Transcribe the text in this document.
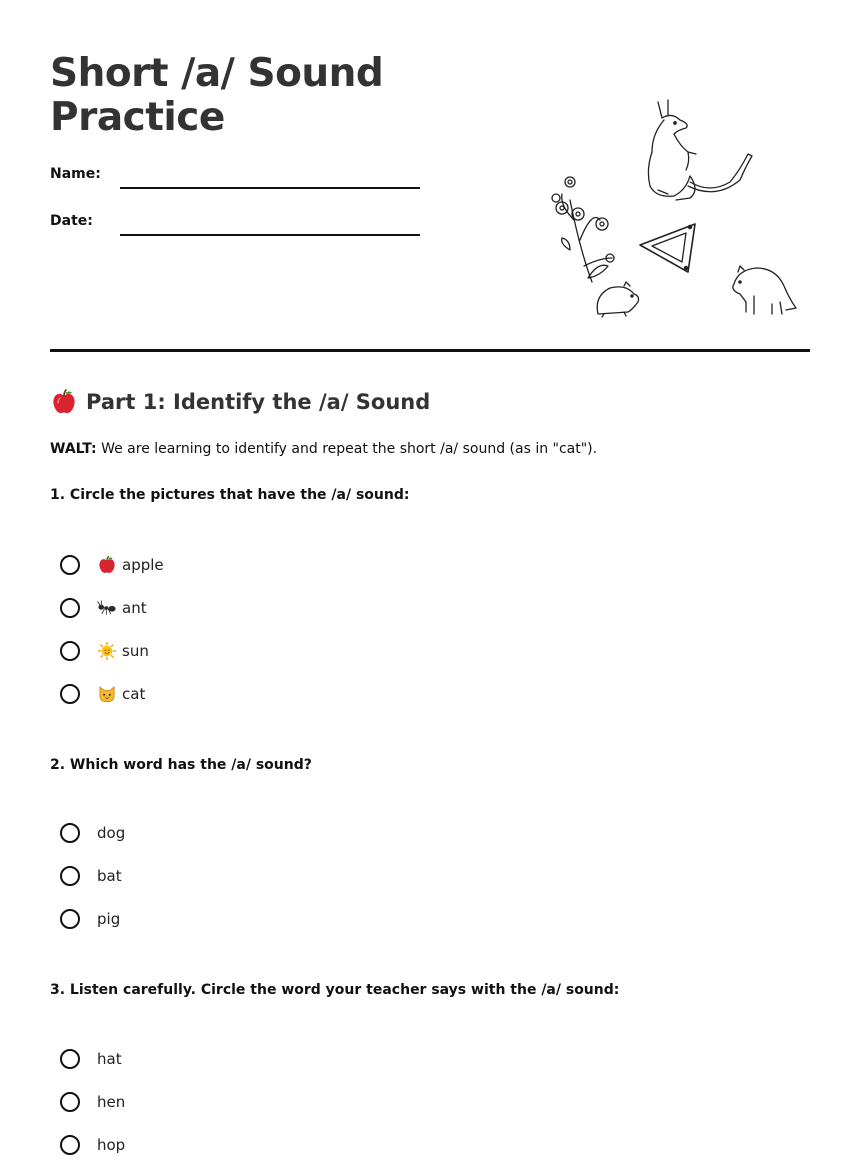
Short /a/ Sound
Practice
Name:
Date:
Part 1: Identify the /a/ Sound
WALT: We are learning to identify and repeat the short /a/ sound (as in "cat").
1. Circle the pictures that have the /a/ sound:
apple
ant
sun
cat
2. Which word has the /a/ sound?
dog
bat
pig
3. Listen carefully. Circle the word your teacher says with the /a/ sound:
hat
hen
hop
